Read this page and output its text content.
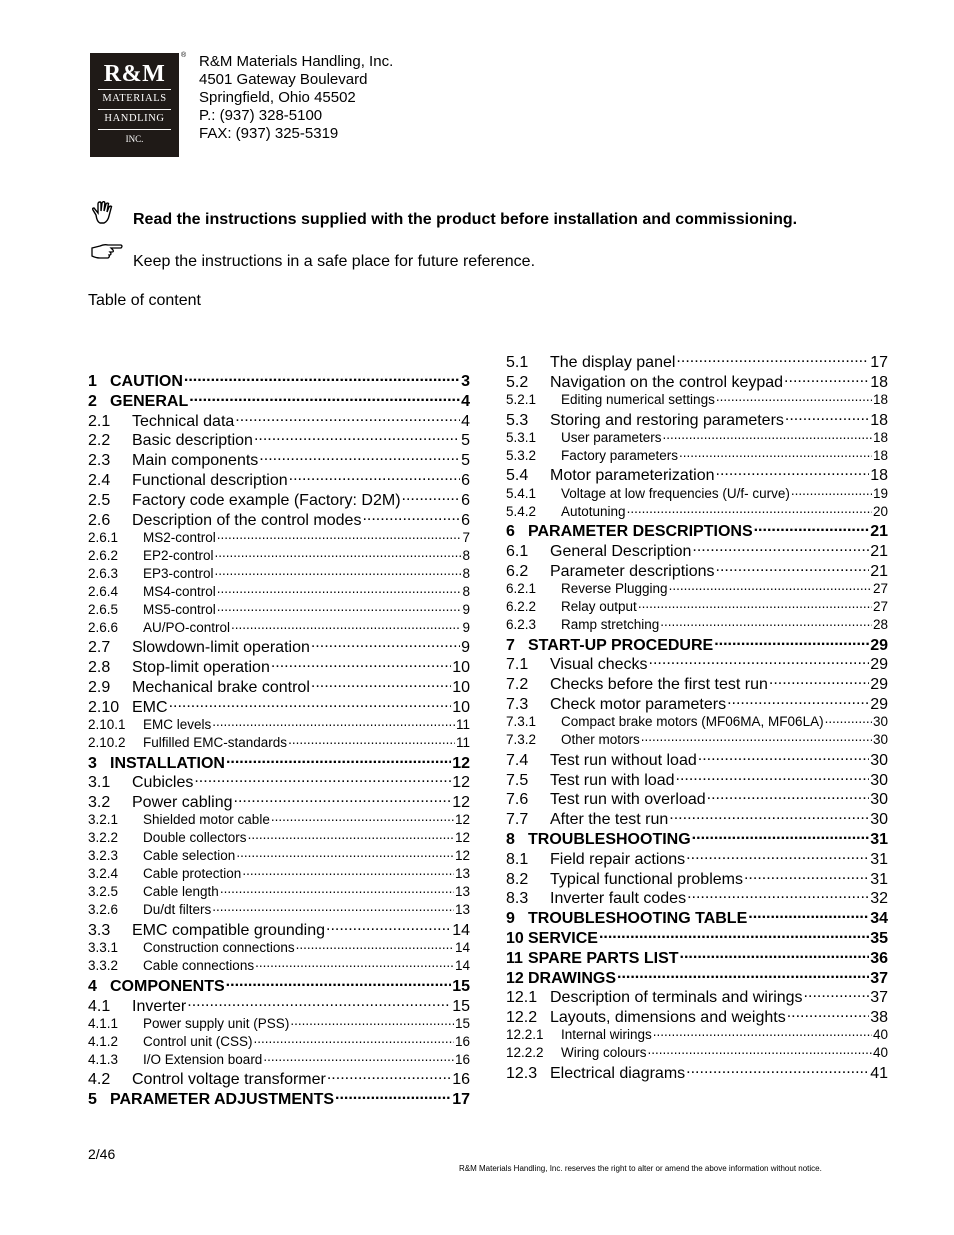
R&M
MATERIALS
HANDLING
INC.
® R&M Materials Handling, Inc.
4501 Gateway Boulevard
Springfield, Ohio 45502
P.: (937) 328-5100
FAX: (937) 325-5319
Read the instructions supplied with the product before installation and commissioning.
Keep the instructions in a safe place for future reference.
Table of content
1 CAUTION .....	3
2 GENERAL .....	4
2.1	Technical data .....	4
2.2	Basic description .....	5
2.3	Main components .....	5
2.4	Functional description .....	6
2.5	Factory code example (Factory: D2M) .....	6
2.6	Description of the control modes .....	6
2.6.1	MS2-control .....	7
2.6.2	EP2-control .....	8
2.6.3	EP3-control .....	8
2.6.4	MS4-control .....	8
2.6.5	MS5-control .....	9
2.6.6	AU/PO-control .....	9
2.7	Slowdown-limit operation .....	9
2.8	Stop-limit operation .....	10
2.9	Mechanical brake control .....	10
2.10 EMC .....	10
2.10.1	EMC levels .....	11
2.10.2	Fulfilled EMC-standards .....	11
3 INSTALLATION .....	12
3.1	Cubicles .....	12
3.2	Power cabling .....	12
3.2.1	Shielded motor cable .....	12
3.2.2	Double collectors .....	12
3.2.3	Cable selection .....	12
3.2.4	Cable protection .....	13
3.2.5	Cable length .....	13
3.2.6	Du/dt filters .....	13
3.3	EMC compatible grounding .....	14
3.3.1	Construction connections .....	14
3.3.2	Cable connections .....	14
4 COMPONENTS .....	15
4.1	Inverter .....	15
4.1.1	Power supply unit (PSS) .....	15
4.1.2	Control unit (CSS) .....	16
4.1.3	I/O Extension board .....	16
4.2	Control voltage transformer .....	16
5 PARAMETER ADJUSTMENTS .....	17
5.1	The display panel .....	17
5.2	Navigation on the control keypad .....	18
5.2.1	Editing numerical settings .....	18
5.3	Storing and restoring parameters .....	18
5.3.1	User parameters .....	18
5.3.2	Factory parameters .....	18
5.4	Motor parameterization .....	18
5.4.1	Voltage at low frequencies (U/f- curve) .....	19
5.4.2	Autotuning .....	20
6 PARAMETER DESCRIPTIONS .....	21
6.1	General Description .....	21
6.2	Parameter descriptions .....	21
6.2.1	Reverse Plugging .....	27
6.2.2	Relay output .....	27
6.2.3	Ramp stretching .....	28
7 START-UP PROCEDURE .....	29
7.1	Visual checks .....	29
7.2	Checks before the first test run .....	29
7.3	Check motor parameters .....	29
7.3.1	Compact brake motors (MF06MA, MF06LA) .....	30
7.3.2	Other motors .....	30
7.4	Test run without load .....	30
7.5	Test run with load .....	30
7.6	Test run with overload .....	30
7.7	After the test run .....	30
8 TROUBLESHOOTING .....	31
8.1	Field repair actions .....	31
8.2	Typical functional problems .....	31
8.3	Inverter fault codes .....	32
9 TROUBLESHOOTING TABLE .....	34
10 SERVICE .....	35
11 SPARE PARTS LIST .....	36
12 DRAWINGS .....	37
12.1 Description of terminals and wirings .....	37
12.2 Layouts, dimensions and weights .....	38
12.2.1	Internal wirings .....	40
12.2.2	Wiring colours .....	40
12.3 Electrical diagrams .....	41
2/46
R&M Materials Handling, Inc. reserves the right to alter or amend the above information without notice.
